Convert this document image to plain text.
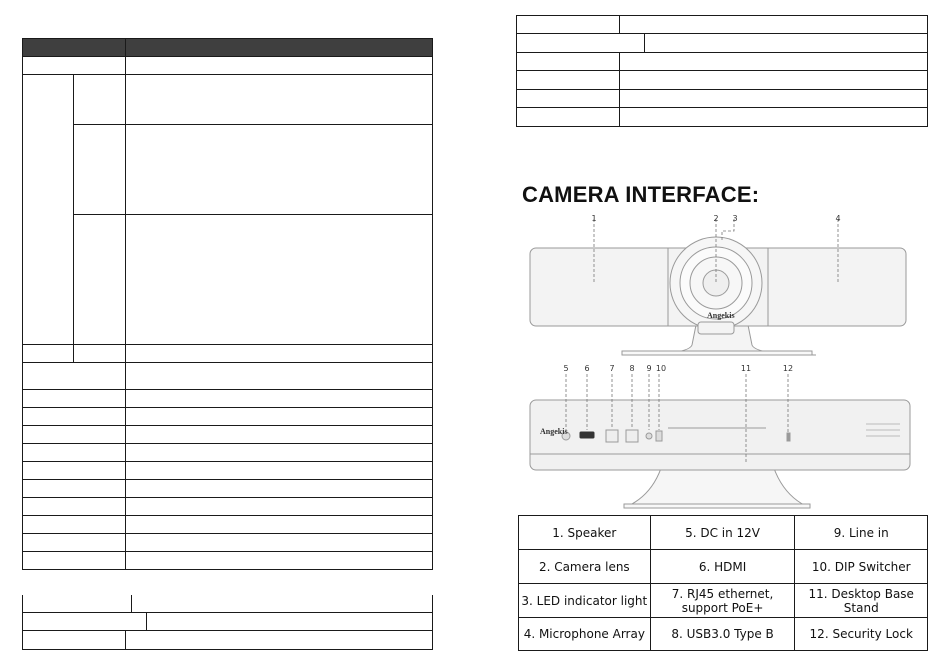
CAMERA INTERFACE:
Angekis
1	2	3	4
Angekis
5	6	7	8	9 10	11	12
1. Speaker	5. DC in 12V	9. Line in
2. Camera lens	6. HDMI	10. DIP Switcher
3. LED indicator light	7. RJ45 ethernet, support PoE+	11. Desktop Base Stand
4. Microphone Array	8. USB3.0 Type B	12. Security Lock
